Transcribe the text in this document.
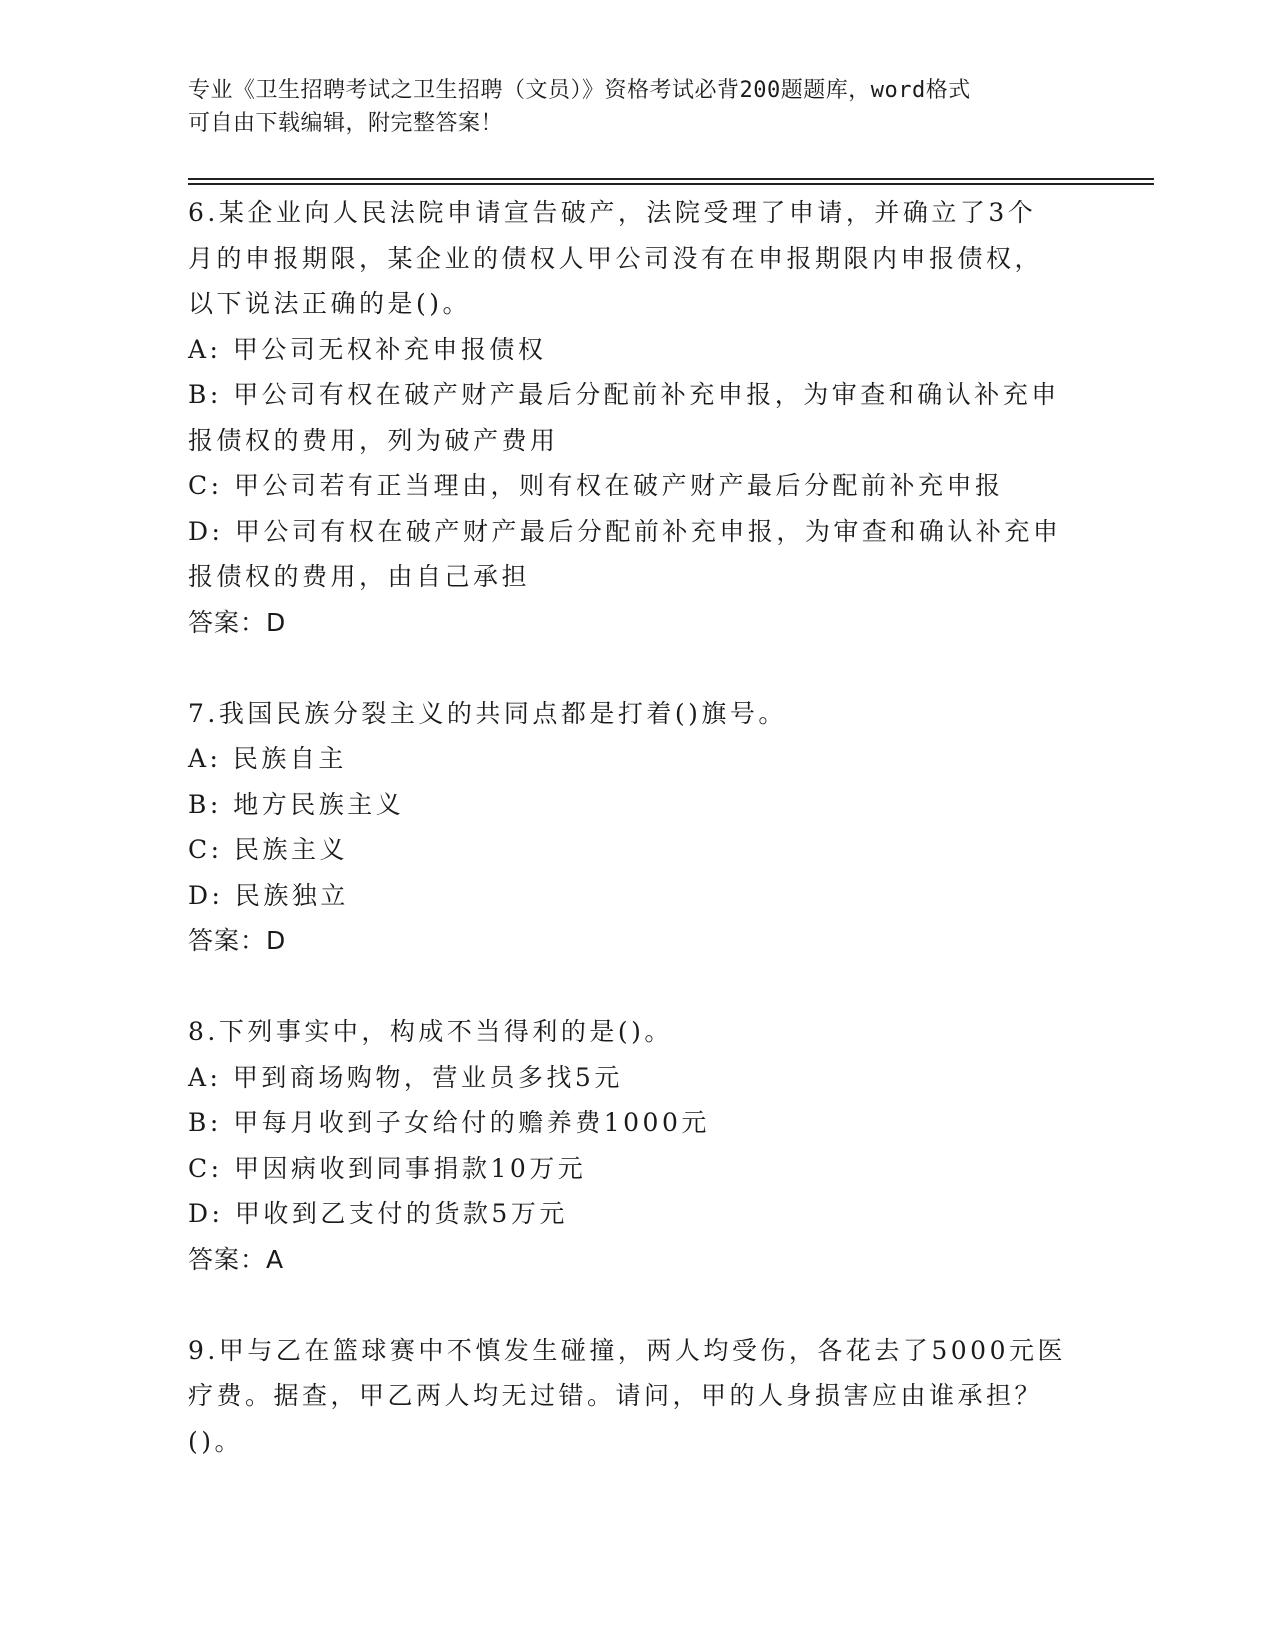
专业《卫生招聘考试之卫生招聘（文员）》资格考试必背200题题库，word格式
可自由下载编辑，附完整答案！
6.某企业向人民法院申请宣告破产，法院受理了申请，并确立了3个
月的申报期限，某企业的债权人甲公司没有在申报期限内申报债权，
以下说法正确的是()。
A: 甲公司无权补充申报债权
B: 甲公司有权在破产财产最后分配前补充申报，为审查和确认补充申
报债权的费用，列为破产费用
C: 甲公司若有正当理由，则有权在破产财产最后分配前补充申报
D: 甲公司有权在破产财产最后分配前补充申报，为审查和确认补充申
报债权的费用，由自己承担
答案：D
7.我国民族分裂主义的共同点都是打着()旗号。
A: 民族自主
B: 地方民族主义
C: 民族主义
D: 民族独立
答案：D
8.下列事实中，构成不当得利的是()。
A: 甲到商场购物，营业员多找5元
B: 甲每月收到子女给付的赡养费1000元
C: 甲因病收到同事捐款10万元
D: 甲收到乙支付的货款5万元
答案：A
9.甲与乙在篮球赛中不慎发生碰撞，两人均受伤，各花去了5000元医
疗费。据查，甲乙两人均无过错。请问，甲的人身损害应由谁承担？
()。
